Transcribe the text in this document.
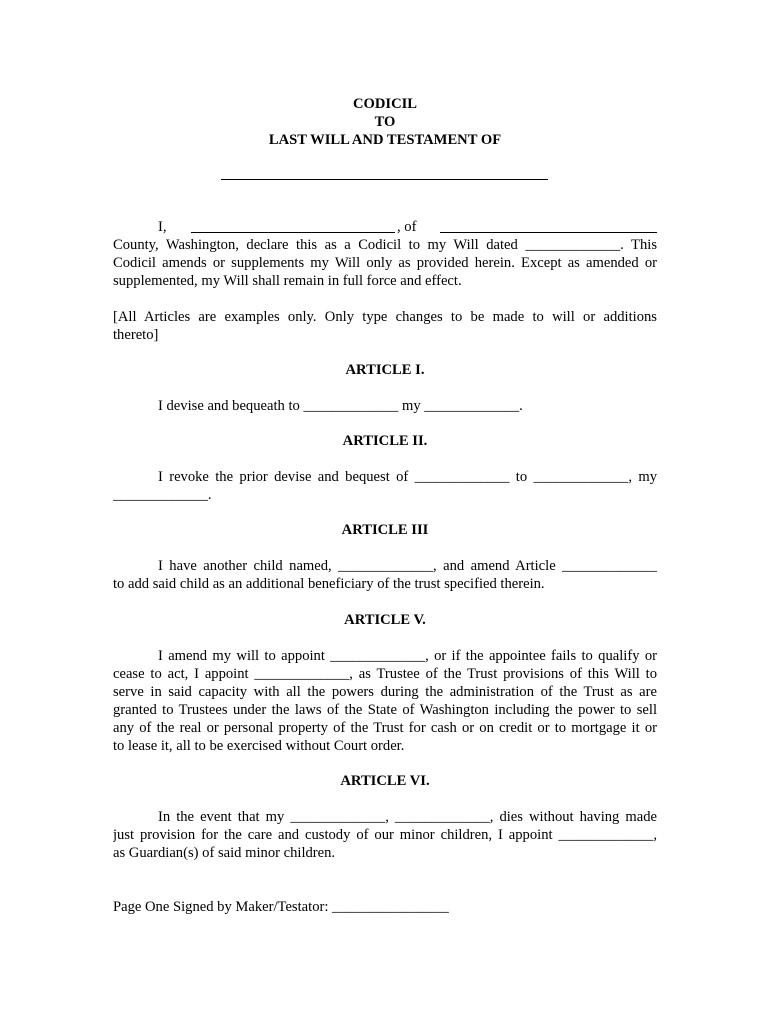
CODICIL
TO
LAST WILL AND TESTAMENT OF
I,	, of
County, Washington, declare this as a Codicil to my Will dated _____________. This
Codicil amends or supplements my Will only as provided herein. Except as amended or
supplemented, my Will shall remain in full force and effect.
[All Articles are examples only. Only type changes to be made to will or additions
thereto]
ARTICLE I.
I devise and bequeath to _____________ my _____________.
ARTICLE II.
I revoke the prior devise and bequest of _____________ to _____________, my
_____________.
ARTICLE III
I have another child named, _____________, and amend Article _____________
to add said child as an additional beneficiary of the trust specified therein.
ARTICLE V.
I amend my will to appoint _____________, or if the appointee fails to qualify or
cease to act, I appoint _____________, as Trustee of the Trust provisions of this Will to
serve in said capacity with all the powers during the administration of the Trust as are
granted to Trustees under the laws of the State of Washington including the power to sell
any of the real or personal property of the Trust for cash or on credit or to mortgage it or
to lease it, all to be exercised without Court order.
ARTICLE VI.
In the event that my _____________, _____________, dies without having made
just provision for the care and custody of our minor children, I appoint _____________,
as Guardian(s) of said minor children.
Page One Signed by Maker/Testator: ________________
